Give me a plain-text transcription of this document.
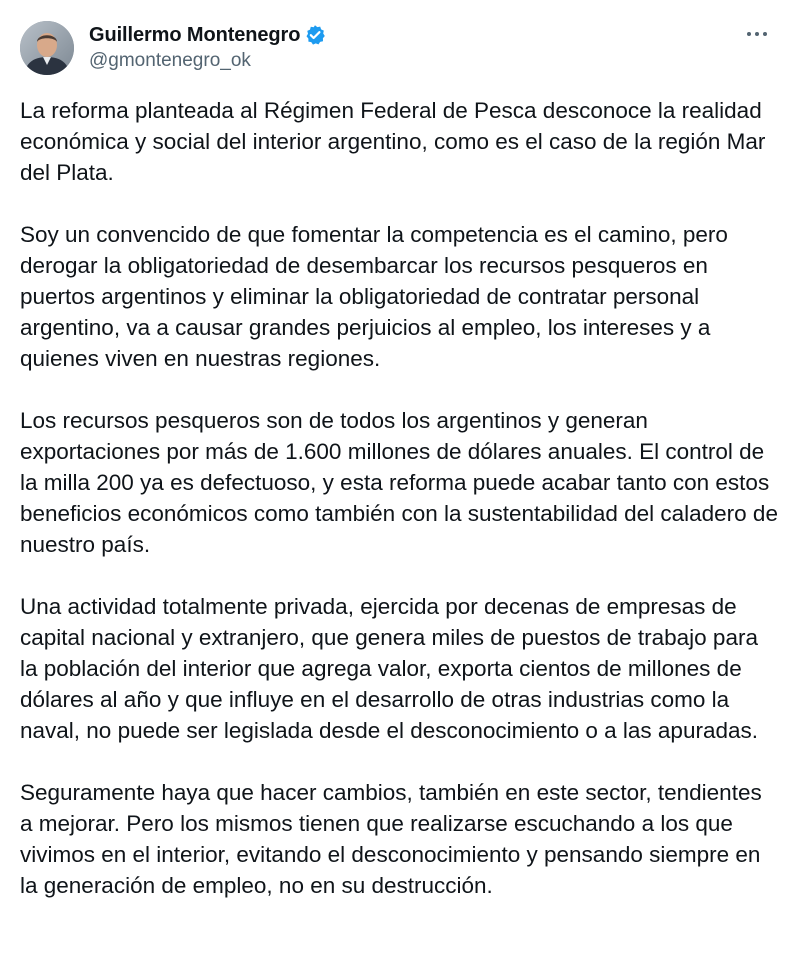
Guillermo Montenegro
@gmontenegro_ok

La reforma planteada al Régimen Federal de Pesca desconoce la realidad económica y social del interior argentino, como es el caso de la región Mar del Plata.

Soy un convencido de que fomentar la competencia es el camino, pero derogar la obligatoriedad de desembarcar los recursos pesqueros en puertos argentinos y eliminar la obligatoriedad de contratar personal argentino, va a causar grandes perjuicios al empleo, los intereses y a quienes viven en nuestras regiones.

Los recursos pesqueros son de todos los argentinos y generan exportaciones por más de 1.600 millones de dólares anuales. El control de la milla 200 ya es defectuoso, y esta reforma puede acabar tanto con estos beneficios económicos como también con la sustentabilidad del caladero de nuestro país.

Una actividad totalmente privada, ejercida por decenas de empresas de capital nacional y extranjero, que genera miles de puestos de trabajo para la población del interior que agrega valor, exporta cientos de millones de dólares al año y que influye en el desarrollo de otras industrias como la naval, no puede ser legislada desde el desconocimiento o a las apuradas.

Seguramente haya que hacer cambios, también en este sector, tendientes a mejorar. Pero los mismos tienen que realizarse escuchando a los que vivimos en el interior, evitando el desconocimiento y pensando siempre en la generación de empleo, no en su destrucción.
